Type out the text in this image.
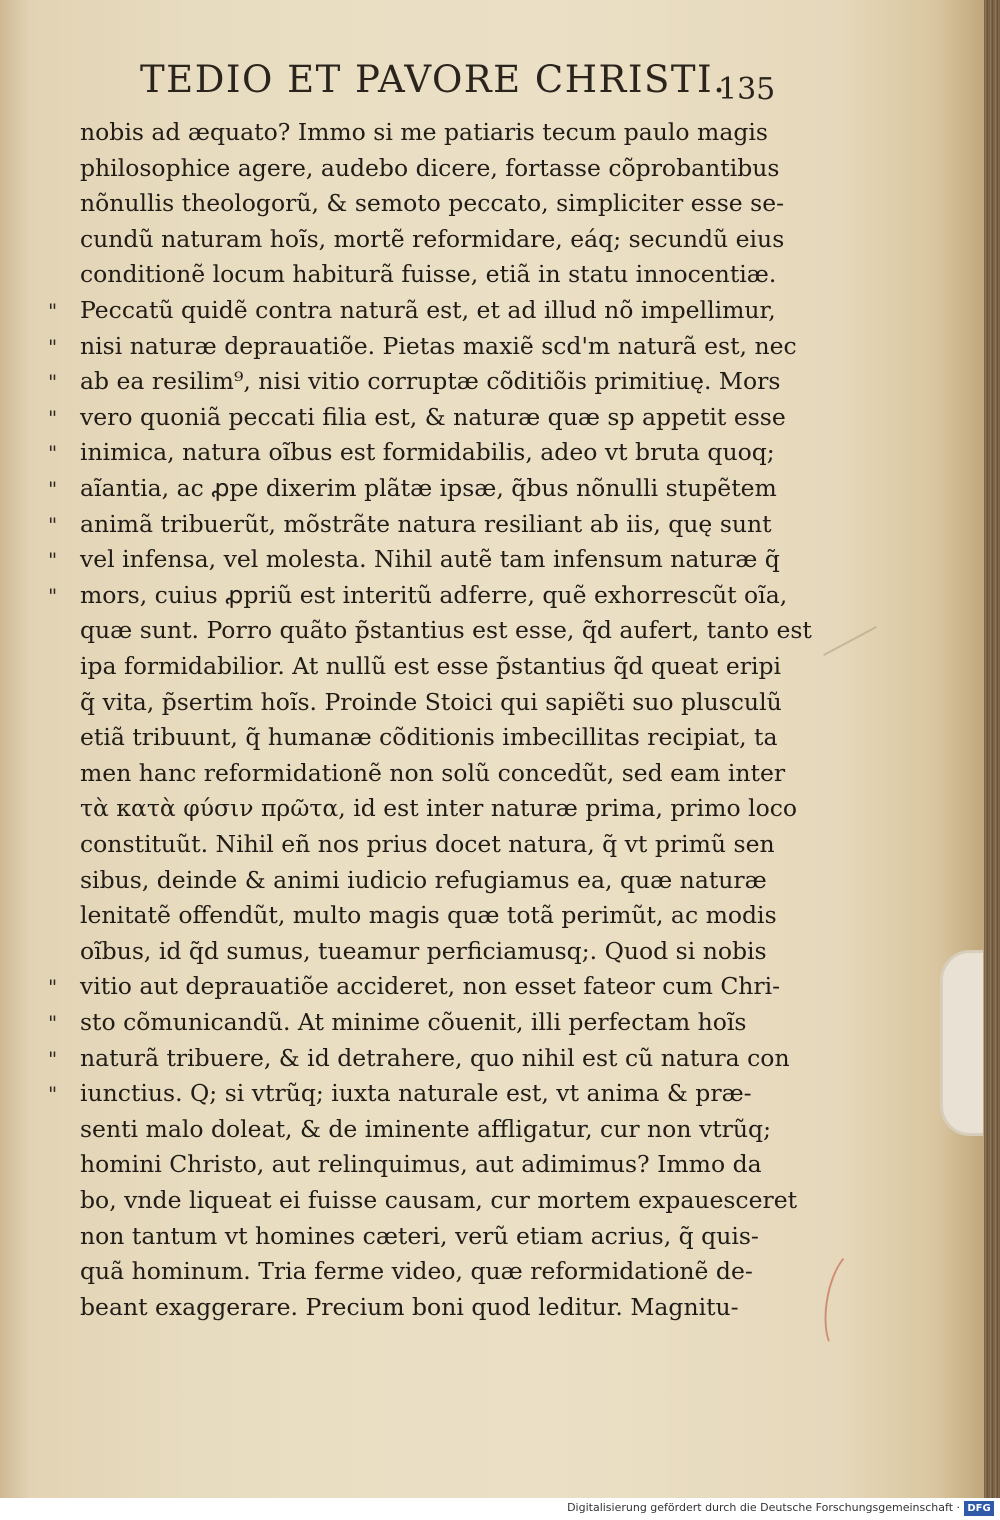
TEDIO ET PAVORE CHRISTI.
135
nobis ad æquato? Immo si me patiaris tecum paulo magis
philosophice agere, audebo dicere, fortasse cõprobantibus
nõnullis theologorũ, & semoto peccato, simpliciter esse se-
cundũ naturam hoĩs, mortẽ reformidare, eáq; secundũ eius
conditionẽ locum habiturã fuisse, etiã in statu innocentiæ.
Peccatũ quidẽ contra naturã est, et ad illud nõ impellimur,
"
nisi naturæ deprauatiõe. Pietas maxiẽ scd'm naturã est, nec
"
ab ea resilim⁹, nisi vitio corruptæ cõditiõis primitiuę. Mors
"
vero quoniã peccati filia est, & naturæ quæ sp appetit esse
"
inimica, natura oĩbus est formidabilis, adeo vt bruta quoq;
"
aĩantia, ac ꝓpe dixerim plãtæ ipsæ, q̃bus nõnulli stupẽtem
"
animã tribuerũt, mõstrãte natura resiliant ab iis, quę sunt
"
vel infensa, vel molesta. Nihil autẽ tam infensum naturæ q̃
"
mors, cuius ꝓpriũ est interitũ adferre, quẽ exhorrescũt oĩa,
"
quæ sunt. Porro quãto p̃stantius est esse, q̃d aufert, tanto est
ipa formidabilior. At nullũ est esse p̃stantius q̃d queat eripi
q̃ vita, p̃sertim hoĩs. Proinde Stoici qui sapiẽti suo plusculũ
etiã tribuunt, q̃ humanæ cõditionis imbecillitas recipiat, ta
men hanc reformidationẽ non solũ concedũt, sed eam inter
τὰ κατὰ φύσιν πρῶτα, id est inter naturæ prima, primo loco
constituũt. Nihil eñ nos prius docet natura, q̃ vt primũ sen
sibus, deinde & animi iudicio refugiamus ea, quæ naturæ
lenitatẽ offendũt, multo magis quæ totã perimũt, ac modis
oĩbus, id q̃d sumus, tueamur perficiamusq;. Quod si nobis
vitio aut deprauatiõe accideret, non esset fateor cum Chri-
"
sto cõmunicandũ. At minime cõuenit, illi perfectam hoĩs
"
naturã tribuere, & id detrahere, quo nihil est cũ natura con
"
iunctius. Q; si vtrũq; iuxta naturale est, vt anima & præ-
"
senti malo doleat, & de iminente affligatur, cur non vtrũq;
homini Christo, aut relinquimus, aut adimimus? Immo da
bo, vnde liqueat ei fuisse causam, cur mortem expauesceret
non tantum vt homines cæteri, verũ etiam acrius, q̃ quis-
quã hominum. Tria ferme video, quæ reformidationẽ de-
beant exaggerare. Precium boni quod leditur. Magnitu-
Digitalisierung gefördert durch die Deutsche Forschungsgemeinschaft · DFG
